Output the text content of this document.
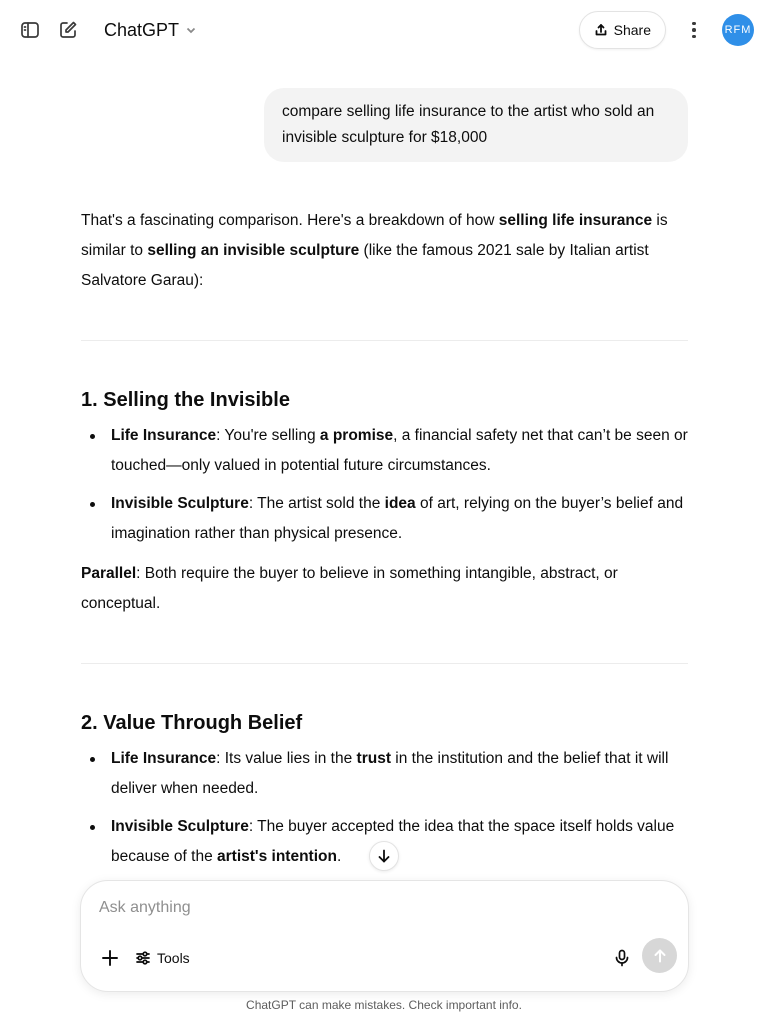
ChatGPT	Share	RFM
compare selling life insurance to the artist who sold an invisible sculpture for $18,000

That's a fascinating comparison. Here's a breakdown of how selling life insurance is similar to selling an invisible sculpture (like the famous 2021 sale by Italian artist Salvatore Garau):

1. Selling the Invisible
Life Insurance: You're selling a promise, a financial safety net that can’t be seen or touched—only valued in potential future circumstances.
Invisible Sculpture: The artist sold the idea of art, relying on the buyer’s belief and imagination rather than physical presence.

Parallel: Both require the buyer to believe in something intangible, abstract, or conceptual.

2. Value Through Belief
Life Insurance: Its value lies in the trust in the institution and the belief that it will deliver when needed.
Invisible Sculpture: The buyer accepted the idea that the space itself holds value because of the artist's intention.
Ask anything
Tools
ChatGPT can make mistakes. Check important info.
